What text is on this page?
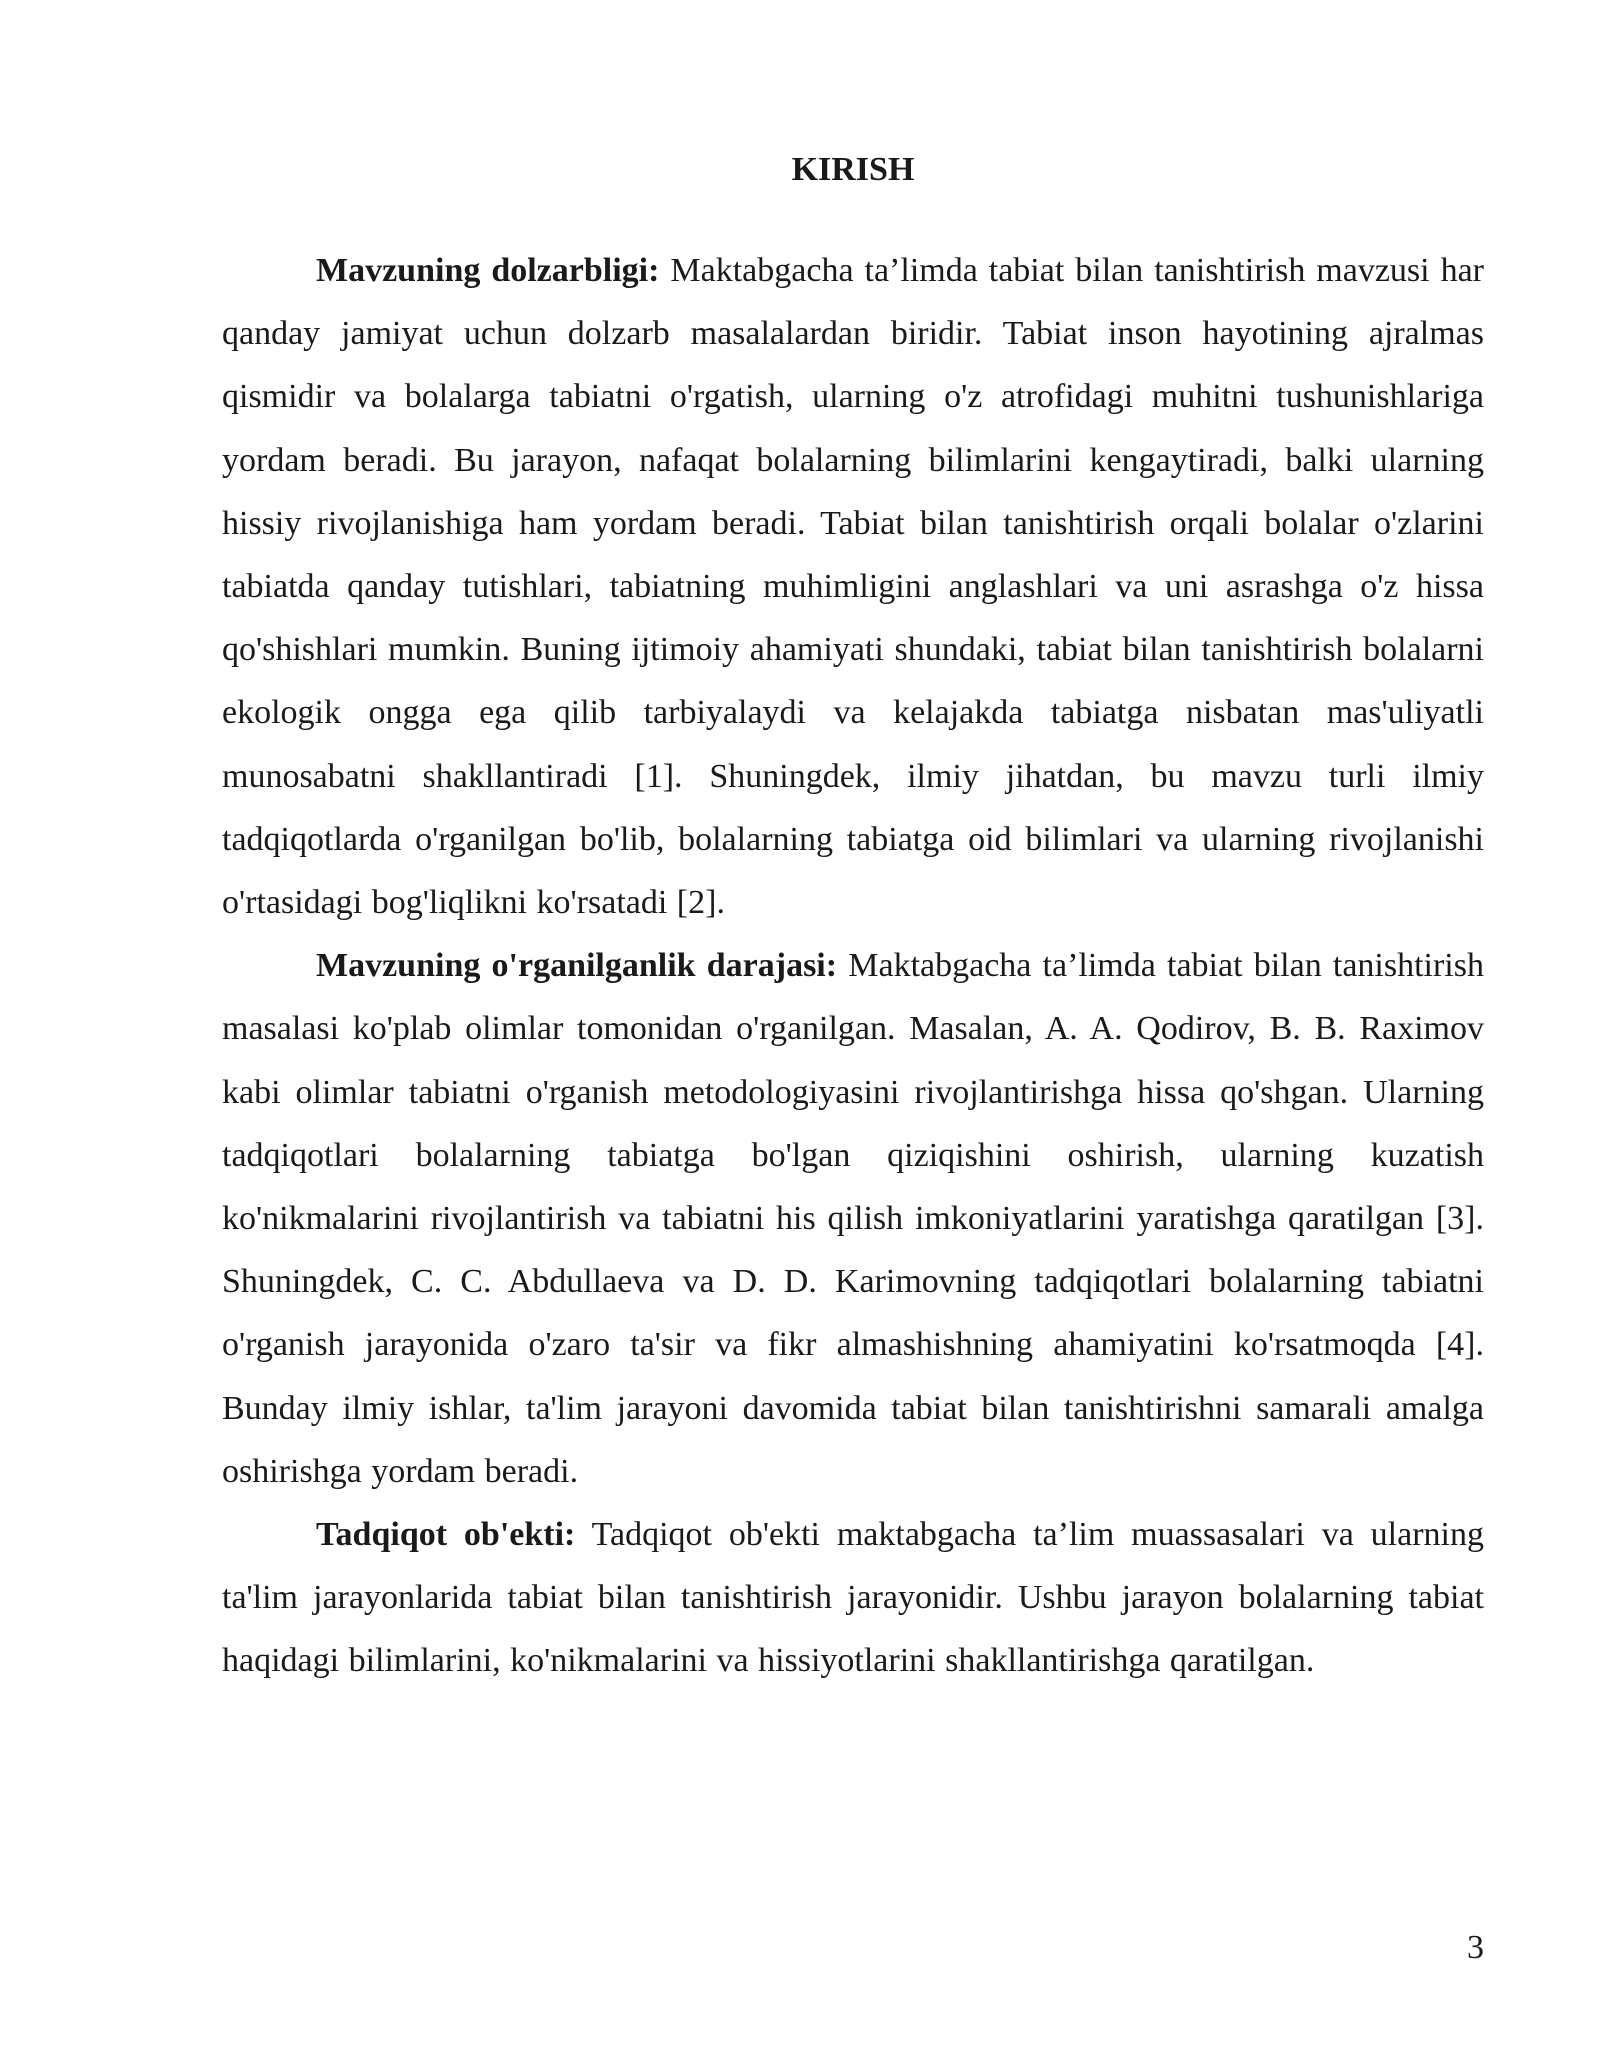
KIRISH

Mavzuning dolzarbligi: Maktabgacha ta’limda tabiat bilan tanishtirish mavzusi har qanday jamiyat uchun dolzarb masalalardan biridir. Tabiat inson hayotining ajralmas qismidir va bolalarga tabiatni o'rgatish, ularning o'z atrofidagi muhitni tushunishlariga yordam beradi. Bu jarayon, nafaqat bolalarning bilimlarini kengaytiradi, balki ularning hissiy rivojlanishiga ham yordam beradi. Tabiat bilan tanishtirish orqali bolalar o'zlarini tabiatda qanday tutishlari, tabiatning muhimligini anglashlari va uni asrashga o'z hissa qo'shishlari mumkin. Buning ijtimoiy ahamiyati shundaki, tabiat bilan tanishtirish bolalarni ekologik ongga ega qilib tarbiyalaydi va kelajakda tabiatga nisbatan mas'uliyatli munosabatni shakllantiradi [1]. Shuningdek, ilmiy jihatdan, bu mavzu turli ilmiy tadqiqotlarda o'rganilgan bo'lib, bolalarning tabiatga oid bilimlari va ularning rivojlanishi o'rtasidagi bog'liqlikni ko'rsatadi [2].

Mavzuning o'rganilganlik darajasi: Maktabgacha ta’limda tabiat bilan tanishtirish masalasi ko'plab olimlar tomonidan o'rganilgan. Masalan, A. A. Qodirov, B. B. Raximov kabi olimlar tabiatni o'rganish metodologiyasini rivojlantirishga hissa qo'shgan. Ularning tadqiqotlari bolalarning tabiatga bo'lgan qiziqishini oshirish, ularning kuzatish ko'nikmalarini rivojlantirish va tabiatni his qilish imkoniyatlarini yaratishga qaratilgan [3]. Shuningdek, C. C. Abdullaeva va D. D. Karimovning tadqiqotlari bolalarning tabiatni o'rganish jarayonida o'zaro ta'sir va fikr almashishning ahamiyatini ko'rsatmoqda [4]. Bunday ilmiy ishlar, ta'lim jarayoni davomida tabiat bilan tanishtirishni samarali amalga oshirishga yordam beradi.

Tadqiqot ob'ekti: Tadqiqot ob'ekti maktabgacha ta’lim muassasalari va ularning ta'lim jarayonlarida tabiat bilan tanishtirish jarayonidir. Ushbu jarayon bolalarning tabiat haqidagi bilimlarini, ko'nikmalarini va hissiyotlarini shakllantirishga qaratilgan.

3
